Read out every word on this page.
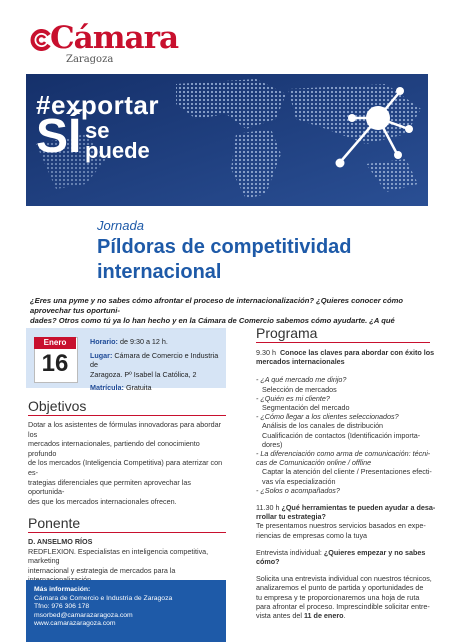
Cámara
Zaragoza
#exportar
SÍ se
puede
Jornada
Píldoras de competitividad
internacional
¿Eres una pyme y no sabes cómo afrontar el proceso de internacionalización? ¿Quieres conocer cómo aprovechar tus oportuni-
dades? Otros como tú ya lo han hecho y en la Cámara de Comercio sabemos cómo ayudarte. ¿A qué
Enero
16
Horario: de 9:30 a 12 h.
Lugar: Cámara de Comercio e Industria de
Zaragoza. Pº Isabel la Católica, 2
Matrícula: Gratuita
Objetivos
Dotar a los asistentes de fórmulas innovadoras para abordar los
mercados internacionales, partiendo del conocimiento profundo
de los mercados (Inteligencia Competitiva) para aterrizar con es-
trategias diferenciales que permiten aprovechar las oportunida-
des que los mercados internacionales ofrecen.
Ponente
D. ANSELMO RÍOS
REDFLEXION. Especialistas en inteligencia competitiva, marketing
internacional y estrategia de mercados para la
Más información:
Cámara de Comercio e Industria de Zaragoza
Tfno: 976 306 178
msorbed@camarazaragoza.com
www.camarazaragoza.com
Programa
9.30 h Conoce las claves para abordar con éxito los
mercados internacionales
- ¿A qué mercado me dirijo?
Selección de mercados
- ¿Quién es mi cliente?
Segmentación del mercado
- ¿Cómo llegar a los clientes seleccionados?
Análisis de los canales de distribución
Cualificación de contactos (Identificación importa-
dores)
- La diferenciación como arma de comunicación: técni-
cas de Comunicación online / offline
Captar la atención del cliente / Presentaciones efecti-
vas vía especialización
- ¿Solos o acompañados?
11.30 h ¿Qué herramientas te pueden ayudar a desa-
rrollar tu estrategia?
Te presentamos nuestros servicios basados en expe-
riencias de empresas como la tuya
Entrevista individual: ¿Quieres empezar y no sabes
cómo?
Solicita una entrevista individual con nuestros técnicos,
analizaremos el punto de partida y oportunidades de
tu empresa y te proporcionaremos una hoja de ruta
para afrontar el proceso. Imprescindible solicitar entre-
vista antes del 11 de enero.
